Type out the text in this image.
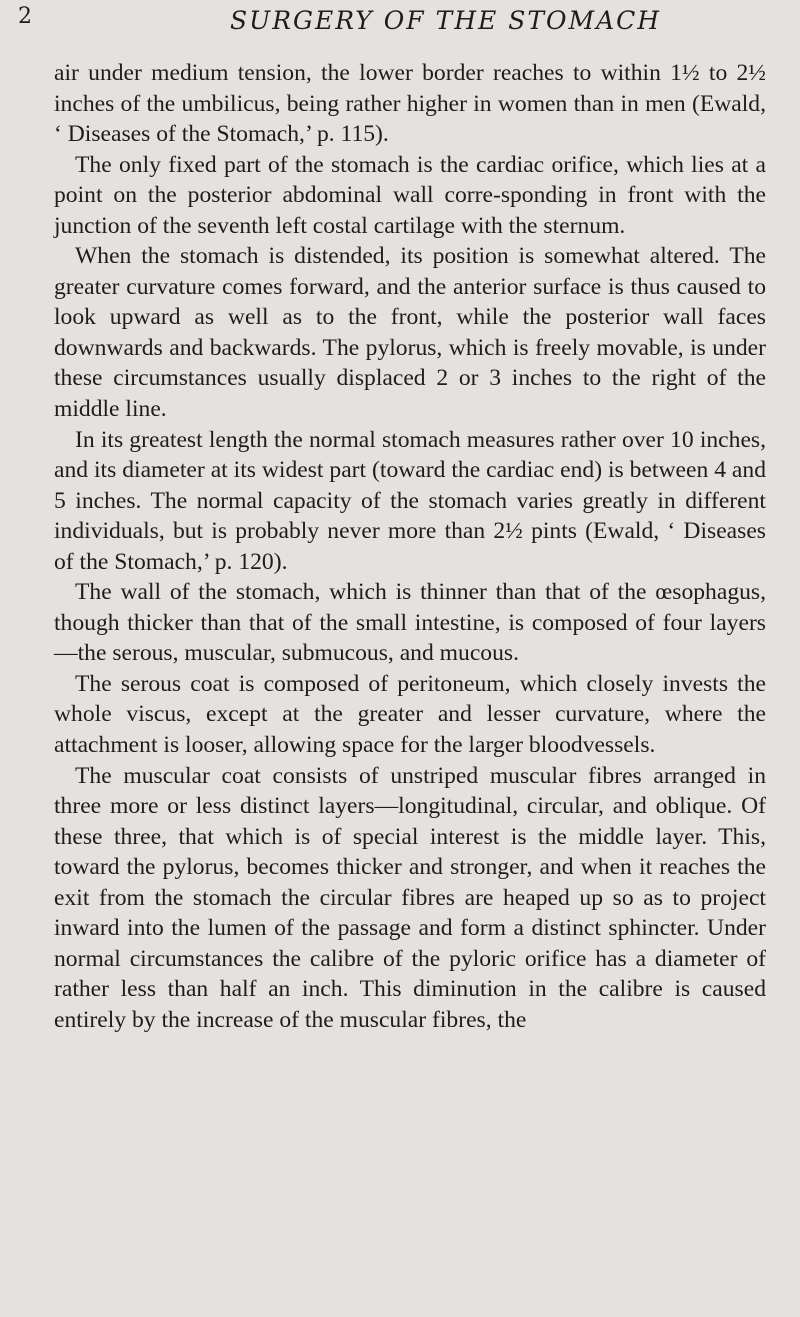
2	SURGERY OF THE STOMACH

air under medium tension, the lower border reaches to within 1½ to 2½ inches of the umbilicus, being rather higher in women than in men (Ewald, ‘ Diseases of the Stomach,’ p. 115).

The only fixed part of the stomach is the cardiac orifice, which lies at a point on the posterior abdominal wall corre-sponding in front with the junction of the seventh left costal cartilage with the sternum.

When the stomach is distended, its position is somewhat altered. The greater curvature comes forward, and the anterior surface is thus caused to look upward as well as to the front, while the posterior wall faces downwards and backwards. The pylorus, which is freely movable, is under these circumstances usually displaced 2 or 3 inches to the right of the middle line.

In its greatest length the normal stomach measures rather over 10 inches, and its diameter at its widest part (toward the cardiac end) is between 4 and 5 inches. The normal capacity of the stomach varies greatly in different individuals, but is probably never more than 2½ pints (Ewald, ‘ Diseases of the Stomach,’ p. 120).

The wall of the stomach, which is thinner than that of the œsophagus, though thicker than that of the small intestine, is composed of four layers—the serous, muscular, submucous, and mucous.

The serous coat is composed of peritoneum, which closely invests the whole viscus, except at the greater and lesser curvature, where the attachment is looser, allowing space for the larger bloodvessels.

The muscular coat consists of unstriped muscular fibres arranged in three more or less distinct layers—longitudinal, circular, and oblique. Of these three, that which is of special interest is the middle layer. This, toward the pylorus, becomes thicker and stronger, and when it reaches the exit from the stomach the circular fibres are heaped up so as to project inward into the lumen of the passage and form a distinct sphincter. Under normal circumstances the calibre of the pyloric orifice has a diameter of rather less than half an inch. This diminution in the calibre is caused entirely by the increase of the muscular fibres, the
